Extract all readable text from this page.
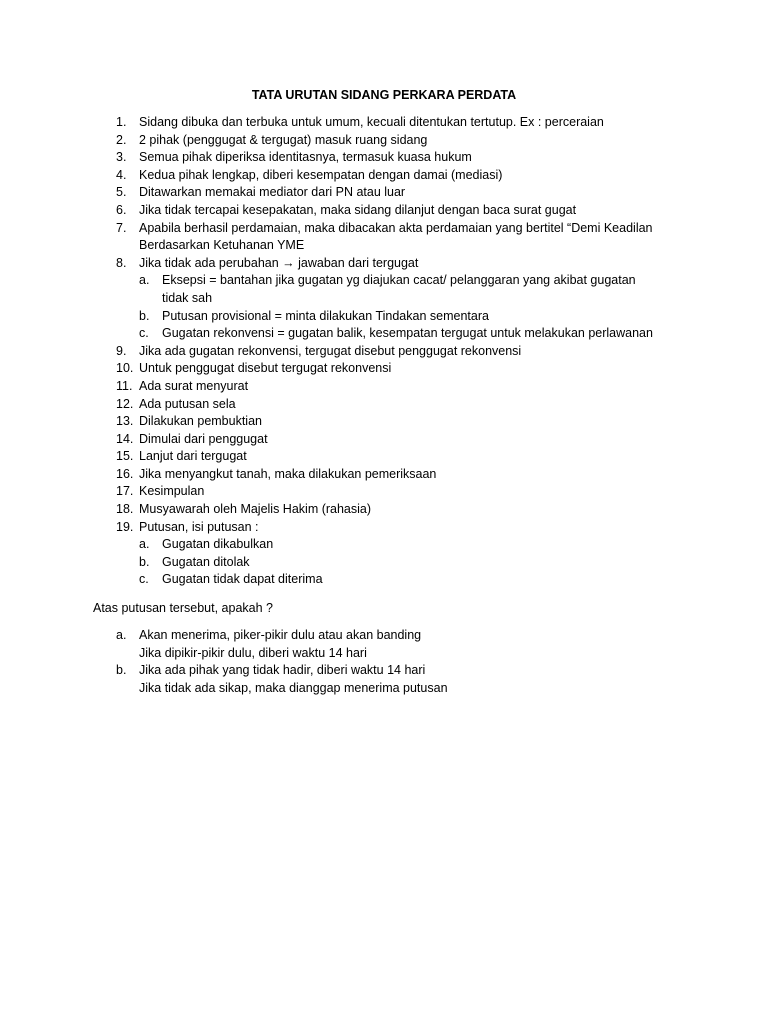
TATA URUTAN SIDANG PERKARA PERDATA
1. Sidang dibuka dan terbuka untuk umum, kecuali ditentukan tertutup. Ex : perceraian
2. 2 pihak (penggugat & tergugat) masuk ruang sidang
3. Semua pihak diperiksa identitasnya, termasuk kuasa hukum
4. Kedua pihak lengkap, diberi kesempatan dengan damai (mediasi)
5. Ditawarkan memakai mediator dari PN atau luar
6. Jika tidak tercapai kesepakatan, maka sidang dilanjut dengan baca surat gugat
7. Apabila berhasil perdamaian, maka dibacakan akta perdamaian yang bertitel “Demi Keadilan
Berdasarkan Ketuhanan YME
8. Jika tidak ada perubahan → jawaban dari tergugat
a. Eksepsi = bantahan jika gugatan yg diajukan cacat/ pelanggaran yang akibat gugatan
tidak sah
b. Putusan provisional = minta dilakukan Tindakan sementara
c. Gugatan rekonvensi = gugatan balik, kesempatan tergugat untuk melakukan perlawanan
9. Jika ada gugatan rekonvensi, tergugat disebut penggugat rekonvensi
10. Untuk penggugat disebut tergugat rekonvensi
11. Ada surat menyurat
12. Ada putusan sela
13. Dilakukan pembuktian
14. Dimulai dari penggugat
15. Lanjut dari tergugat
16. Jika menyangkut tanah, maka dilakukan pemeriksaan
17. Kesimpulan
18. Musyawarah oleh Majelis Hakim (rahasia)
19. Putusan, isi putusan :
a. Gugatan dikabulkan
b. Gugatan ditolak
c. Gugatan tidak dapat diterima
Atas putusan tersebut, apakah ?
a. Akan menerima, piker-pikir dulu atau akan banding
Jika dipikir-pikir dulu, diberi waktu 14 hari
b. Jika ada pihak yang tidak hadir, diberi waktu 14 hari
Jika tidak ada sikap, maka dianggap menerima putusan
